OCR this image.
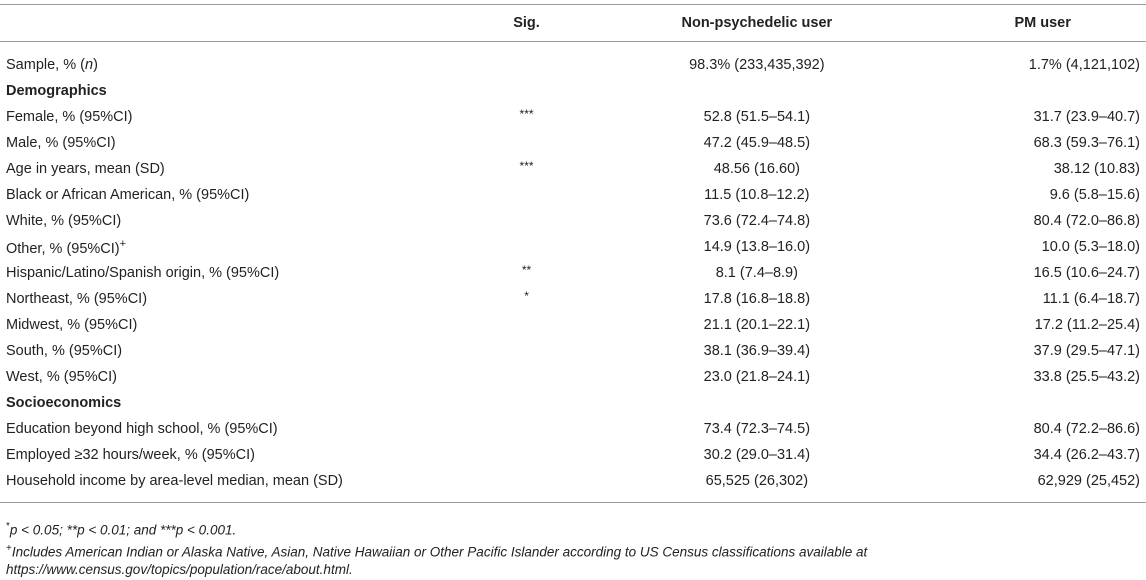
	Sig.	Non-psychedelic user	PM user
Sample, % (n)		98.3% (233,435,392)	1.7% (4,121,102)
Demographics			
Female, % (95%CI)	***	52.8 (51.5–54.1)	31.7 (23.9–40.7)
Male, % (95%CI)		47.2 (45.9–48.5)	68.3 (59.3–76.1)
Age in years, mean (SD)	***	48.56 (16.60)	38.12 (10.83)
Black or African American, % (95%CI)		11.5 (10.8–12.2)	9.6 (5.8–15.6)
White, % (95%CI)		73.6 (72.4–74.8)	80.4 (72.0–86.8)
Other, % (95%CI)+		14.9 (13.8–16.0)	10.0 (5.3–18.0)
Hispanic/Latino/Spanish origin, % (95%CI)	**	8.1 (7.4–8.9)	16.5 (10.6–24.7)
Northeast, % (95%CI)	*	17.8 (16.8–18.8)	11.1 (6.4–18.7)
Midwest, % (95%CI)		21.1 (20.1–22.1)	17.2 (11.2–25.4)
South, % (95%CI)		38.1 (36.9–39.4)	37.9 (29.5–47.1)
West, % (95%CI)		23.0 (21.8–24.1)	33.8 (25.5–43.2)
Socioeconomics			
Education beyond high school, % (95%CI)		73.4 (72.3–74.5)	80.4 (72.2–86.6)
Employed ≥32 hours/week, % (95%CI)		30.2 (29.0–31.4)	34.4 (26.2–43.7)
Household income by area-level median, mean (SD)		65,525 (26,302)	62,929 (25,452)
*p < 0.05; **p < 0.01; and ***p < 0.001.
+Includes American Indian or Alaska Native, Asian, Native Hawaiian or Other Pacific Islander according to US Census classifications available at https://www.census.gov/topics/population/race/about.html.
